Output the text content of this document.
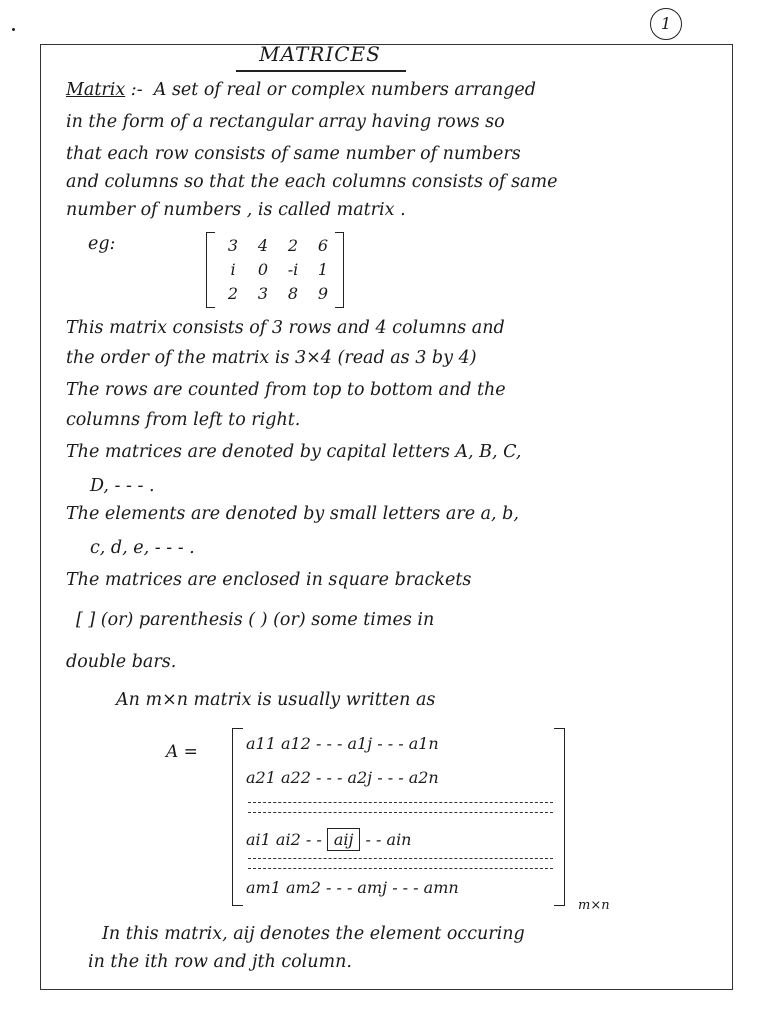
1
MATRICES
Matrix :- A set of real or complex numbers arranged
in the form of a rectangular array having rows so
that each row consists of same number of numbers
and columns so that the each columns consists of same
number of numbers , is called matrix .
eg:	3	4	2	6
i	0	-i	1
2	3	8	9
This matrix consists of 3 rows and 4 columns and
the order of the matrix is 3×4 (read as 3 by 4)
The rows are counted from top to bottom and the
columns from left to right.
The matrices are denoted by capital letters A, B, C,
D, - - - .
The elements are denoted by small letters are a, b,
c, d, e, - - - .
The matrices are enclosed in square brackets
[ ] (or) parenthesis ( ) (or) some times in
double bars.
An m×n matrix is usually written as
A =	a11 a12 - - - a1j - - - a1n
a21 a22 - - - a2j - - - a2n
ai1 ai2 - - aij - - ain
am1 am2 - - - amj - - - amn
m×n
In this matrix, aij denotes the element occuring
in the ith row and jth column.
